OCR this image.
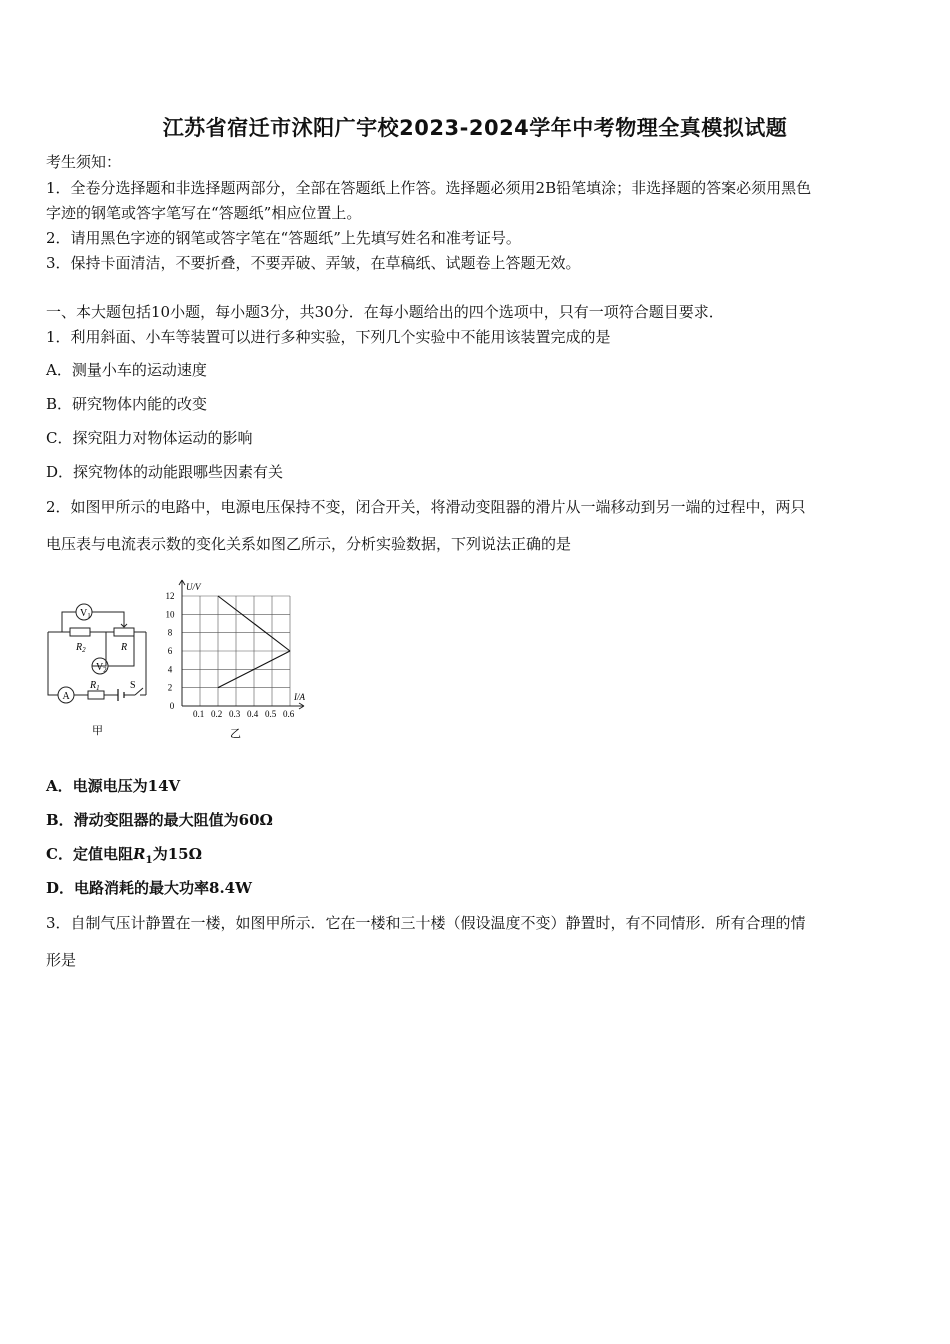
江苏省宿迁市沭阳广宇校2023-2024学年中考物理全真模拟试题
考生须知：
1．全卷分选择题和非选择题两部分，全部在答题纸上作答。选择题必须用2B铅笔填涂；非选择题的答案必须用黑色
字迹的钢笔或答字笔写在“答题纸”相应位置上。
2．请用黑色字迹的钢笔或答字笔在“答题纸”上先填写姓名和准考证号。
3．保持卡面清洁，不要折叠，不要弄破、弄皱，在草稿纸、试题卷上答题无效。
一、本大题包括10小题，每小题3分，共30分．在每小题给出的四个选项中，只有一项符合题目要求．
1．利用斜面、小车等装置可以进行多种实验，下列几个实验中不能用该装置完成的是
A．测量小车的运动速度
B．研究物体内能的改变
C．探究阻力对物体运动的影响
D．探究物体的动能跟哪些因素有关
2．如图甲所示的电路中，电源电压保持不变，闭合开关，将滑动变阻器的滑片从一端移动到另一端的过程中，两只
电压表与电流表示数的变化关系如图乙所示，分析实验数据，下列说法正确的是
$V_1$
$V_2$
A
$R_2$	R
$R_1$	S
甲
0.1 0.2 0.3 0.4 0.5 0.6
2
4
6
8
10
12
0
U/V
I/A
乙
A．电源电压为14V
B．滑动变阻器的最大阻值为60Ω
C．定值电阻$R_1$为15Ω
D．电路消耗的最大功率8.4W
3．自制气压计静置在一楼，如图甲所示．它在一楼和三十楼（假设温度不变）静置时，有不同情形．所有合理的情
形是
